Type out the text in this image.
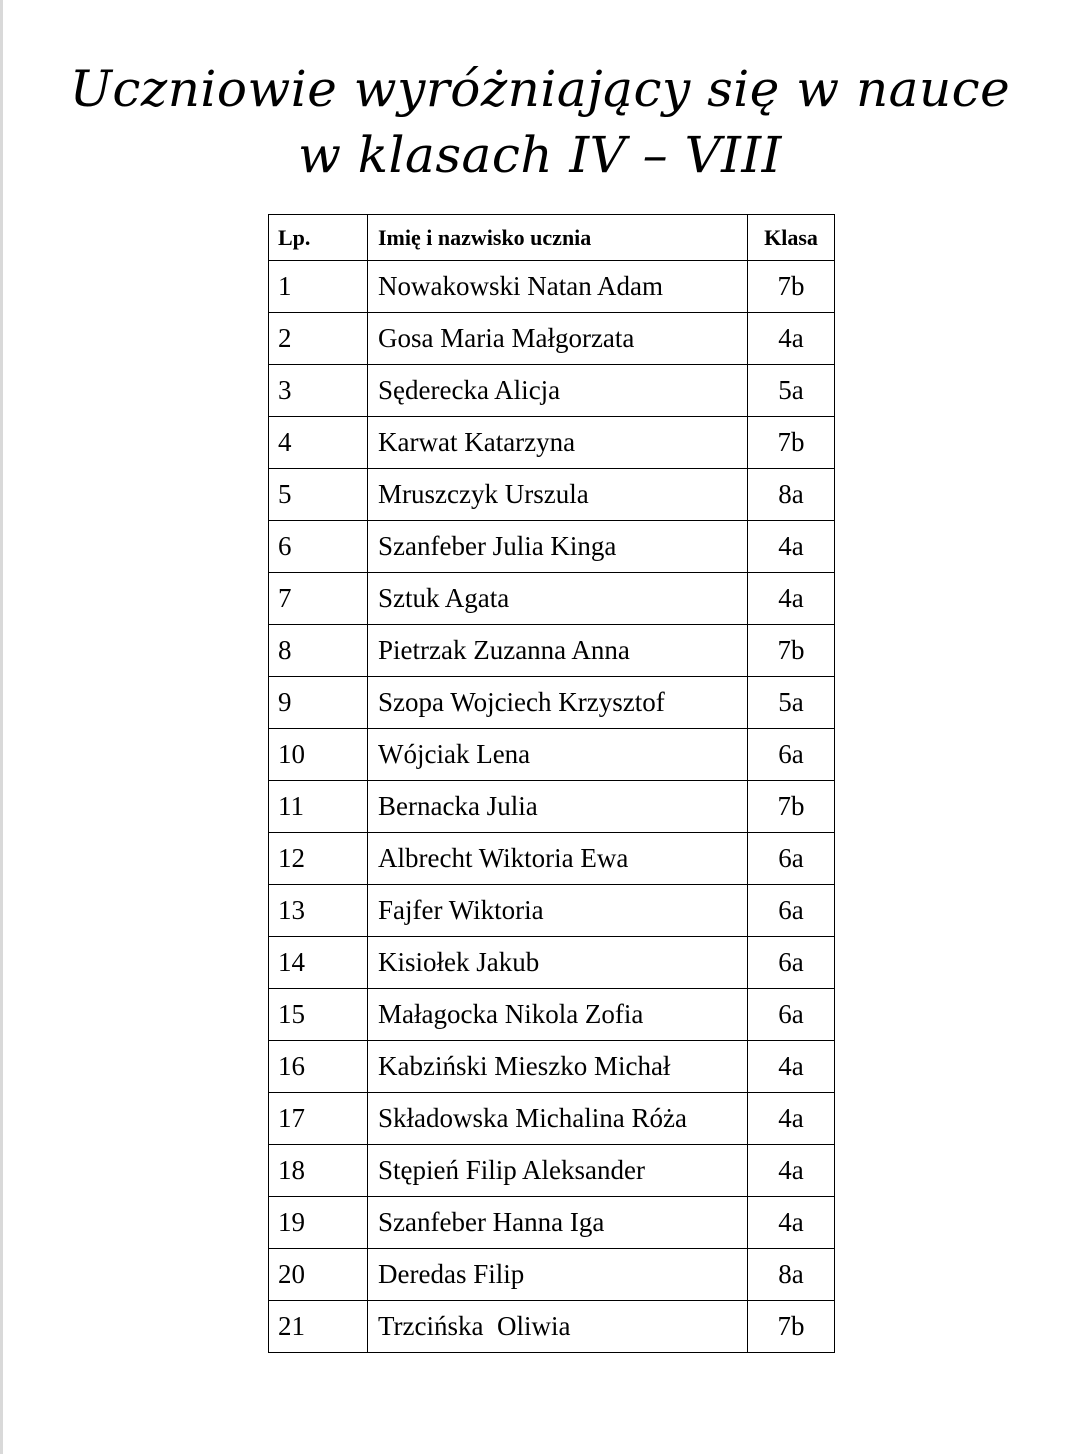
Uczniowie wyróżniający się w nauce
w klasach IV – VIII
Lp.	Imię i nazwisko ucznia	Klasa
1	Nowakowski Natan Adam	7b
2	Gosa Maria Małgorzata	4a
3	Sęderecka Alicja	5a
4	Karwat Katarzyna	7b
5	Mruszczyk Urszula	8a
6	Szanfeber Julia Kinga	4a
7	Sztuk Agata	4a
8	Pietrzak Zuzanna Anna	7b
9	Szopa Wojciech Krzysztof	5a
10	Wójciak Lena	6a
11	Bernacka Julia	7b
12	Albrecht Wiktoria Ewa	6a
13	Fajfer Wiktoria	6a
14	Kisiołek Jakub	6a
15	Małagocka Nikola Zofia	6a
16	Kabziński Mieszko Michał	4a
17	Składowska Michalina Róża	4a
18	Stępień Filip Aleksander	4a
19	Szanfeber Hanna Iga	4a
20	Deredas Filip	8a
21	Trzcińska  Oliwia	7b
